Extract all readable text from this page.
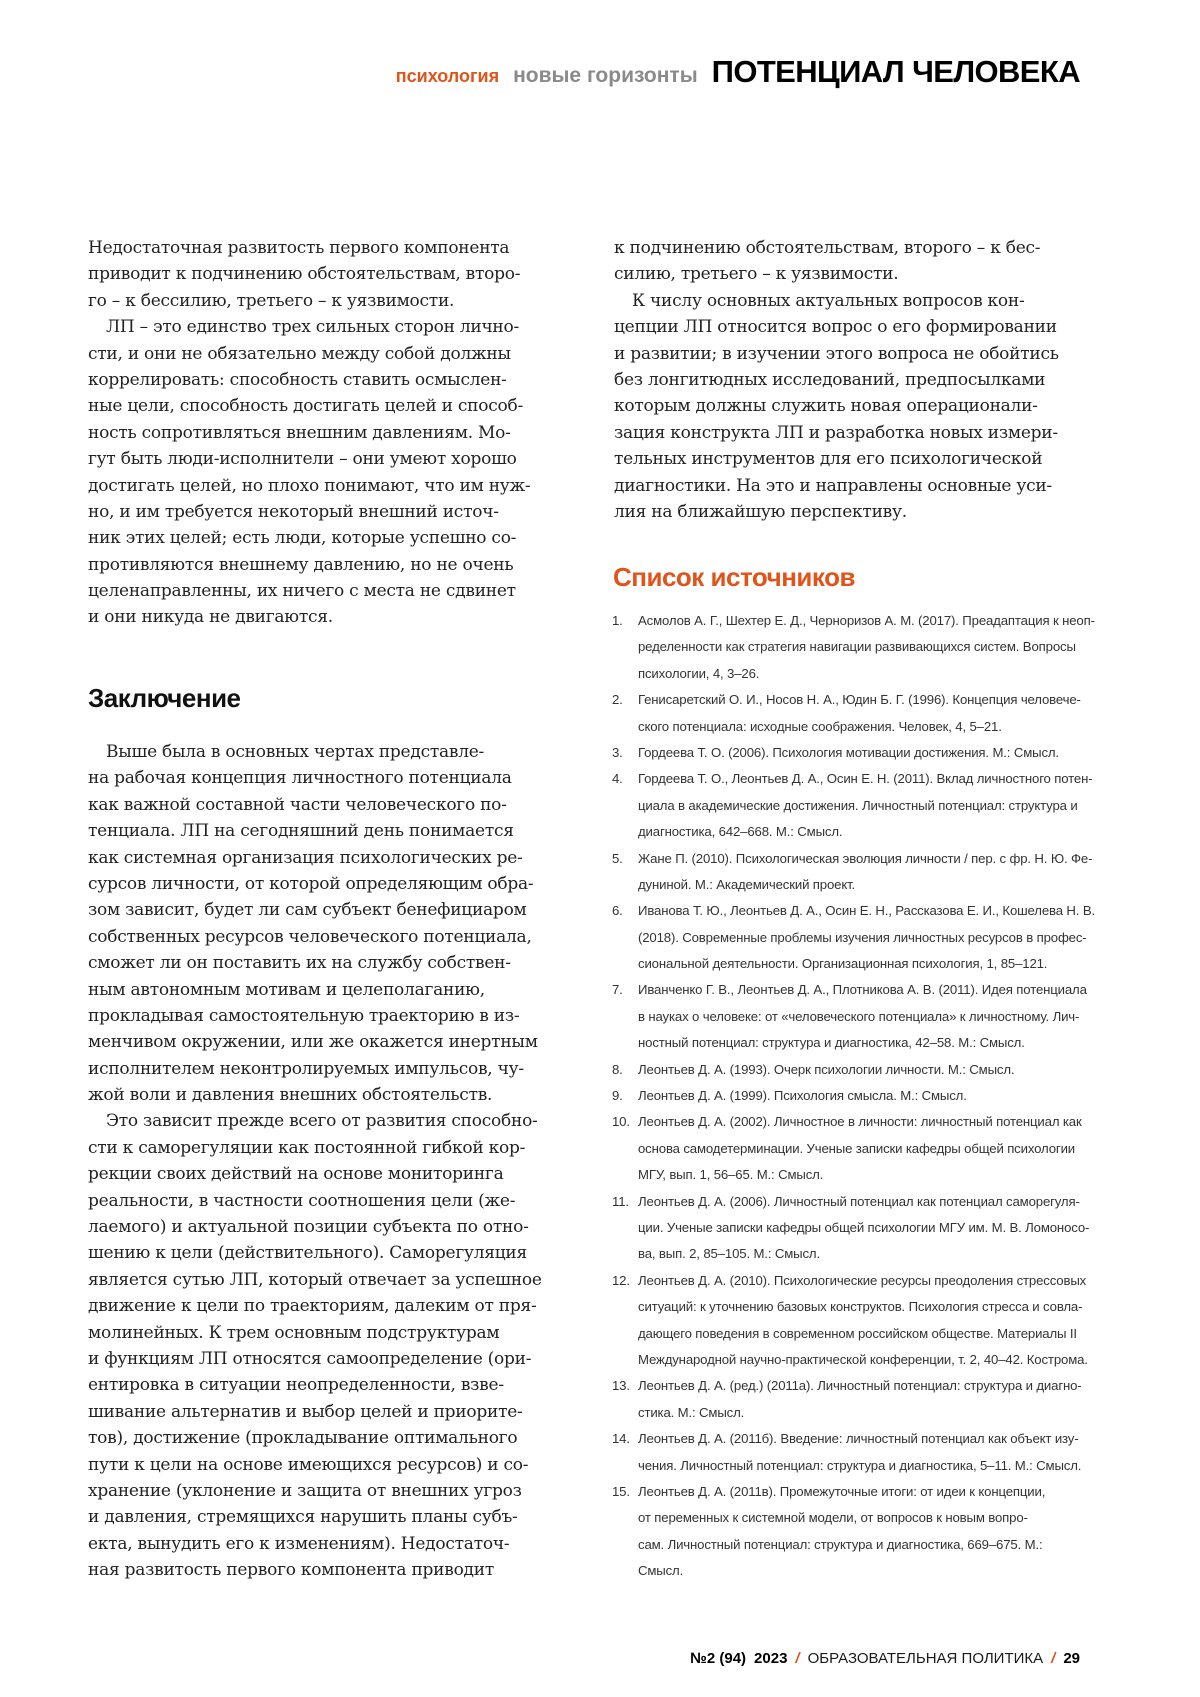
психология новые горизонты ПОТЕНЦИАЛ ЧЕЛОВЕКА
Недостаточная развитость первого компонента
приводит к подчинению обстоятельствам, второ-
го – к бессилию, третьего – к уязвимости.
ЛП – это единство трех сильных сторон лично-
сти, и они не обязательно между собой должны
коррелировать: способность ставить осмыслен-
ные цели, способность достигать целей и способ-
ность сопротивляться внешним давлениям. Мо-
гут быть люди-исполнители – они умеют хорошо
достигать целей, но плохо понимают, что им нуж-
но, и им требуется некоторый внешний источ-
ник этих целей; есть люди, которые успешно со-
противляются внешнему давлению, но не очень
целенаправленны, их ничего с места не сдвинет
и они никуда не двигаются.
Заключение
Выше была в основных чертах представле-
на рабочая концепция личностного потенциала
как важной составной части человеческого по-
тенциала. ЛП на сегодняшний день понимается
как системная организация психологических ре-
сурсов личности, от которой определяющим обра-
зом зависит, будет ли сам субъект бенефициаром
собственных ресурсов человеческого потенциала,
сможет ли он поставить их на службу собствен-
ным автономным мотивам и целеполаганию,
прокладывая самостоятельную траекторию в из-
менчивом окружении, или же окажется инертным
исполнителем неконтролируемых импульсов, чу-
жой воли и давления внешних обстоятельств.
Это зависит прежде всего от развития способно-
сти к саморегуляции как постоянной гибкой кор-
рекции своих действий на основе мониторинга
реальности, в частности соотношения цели (же-
лаемого) и актуальной позиции субъекта по отно-
шению к цели (действительного). Саморегуляция
является сутью ЛП, который отвечает за успешное
движение к цели по траекториям, далеким от пря-
молинейных. К трем основным подструктурам
и функциям ЛП относятся самоопределение (ори-
ентировка в ситуации неопределенности, взве-
шивание альтернатив и выбор целей и приорите-
тов), достижение (прокладывание оптимального
пути к цели на основе имеющихся ресурсов) и со-
хранение (уклонение и защита от внешних угроз
и давления, стремящихся нарушить планы субъ-
екта, вынудить его к изменениям). Недостаточ-
ная развитость первого компонента приводит
к подчинению обстоятельствам, второго – к бес-
силию, третьего – к уязвимости.
К числу основных актуальных вопросов кон-
цепции ЛП относится вопрос о его формировании
и развитии; в изучении этого вопроса не обойтись
без лонгитюдных исследований, предпосылками
которым должны служить новая операционали-
зация конструкта ЛП и разработка новых измери-
тельных инструментов для его психологической
диагностики. На это и направлены основные уси-
лия на ближайшую перспективу.
Список источников
1.	Асмолов А. Г., Шехтер Е. Д., Черноризов А. М. (2017). Преадаптация к неоп-
ределенности как стратегия навигации развивающихся систем. Вопросы
психологии, 4, 3–26.
2.	Генисаретский О. И., Носов Н. А., Юдин Б. Г. (1996). Концепция человече-
ского потенциала: исходные соображения. Человек, 4, 5–21.
3.	Гордеева Т. О. (2006). Психология мотивации достижения. М.: Смысл.
4.	Гордеева Т. О., Леонтьев Д. А., Осин Е. Н. (2011). Вклад личностного потен-
циала в академические достижения. Личностный потенциал: структура и
диагностика, 642–668. М.: Смысл.
5.	Жане П. (2010). Психологическая эволюция личности / пер. с фр. Н. Ю. Фе-
дуниной. М.: Академический проект.
6.	Иванова Т. Ю., Леонтьев Д. А., Осин Е. Н., Рассказова Е. И., Кошелева Н. В.
(2018). Современные проблемы изучения личностных ресурсов в профес-
сиональной деятельности. Организационная психология, 1, 85–121.
7.	Иванченко Г. В., Леонтьев Д. А., Плотникова А. В. (2011). Идея потенциала
в науках о человеке: от «человеческого потенциала» к личностному. Лич-
ностный потенциал: структура и диагностика, 42–58. М.: Смысл.
8.	Леонтьев Д. А. (1993). Очерк психологии личности. М.: Смысл.
9.	Леонтьев Д. А. (1999). Психология смысла. М.: Смысл.
10. Леонтьев Д. А. (2002). Личностное в личности: личностный потенциал как
основа самодетерминации. Ученые записки кафедры общей психологии
МГУ, вып. 1, 56–65. М.: Смысл.
11. Леонтьев Д. А. (2006). Личностный потенциал как потенциал саморегуля-
ции. Ученые записки кафедры общей психологии МГУ им. М. В. Ломоносо-
ва, вып. 2, 85–105. М.: Смысл.
12. Леонтьев Д. А. (2010). Психологические ресурсы преодоления стрессовых
ситуаций: к уточнению базовых конструктов. Психология стресса и совла-
дающего поведения в современном российском обществе. Материалы II
Международной научно-практической конференции, т. 2, 40–42. Кострома.
13. Леонтьев Д. А. (ред.) (2011а). Личностный потенциал: структура и диагно-
стика. М.: Смысл.
14. Леонтьев Д. А. (2011б). Введение: личностный потенциал как объект изу-
чения. Личностный потенциал: структура и диагностика, 5–11. М.: Смысл.
15. Леонтьев Д. А. (2011в). Промежуточные итоги: от идеи к концепции,
от переменных к системной модели, от вопросов к новым вопро-
сам. Личностный потенциал: структура и диагностика, 669–675. М.:
Смысл.
№2 (94) 2023 / ОБРАЗОВАТЕЛЬНАЯ ПОЛИТИКА / 29
